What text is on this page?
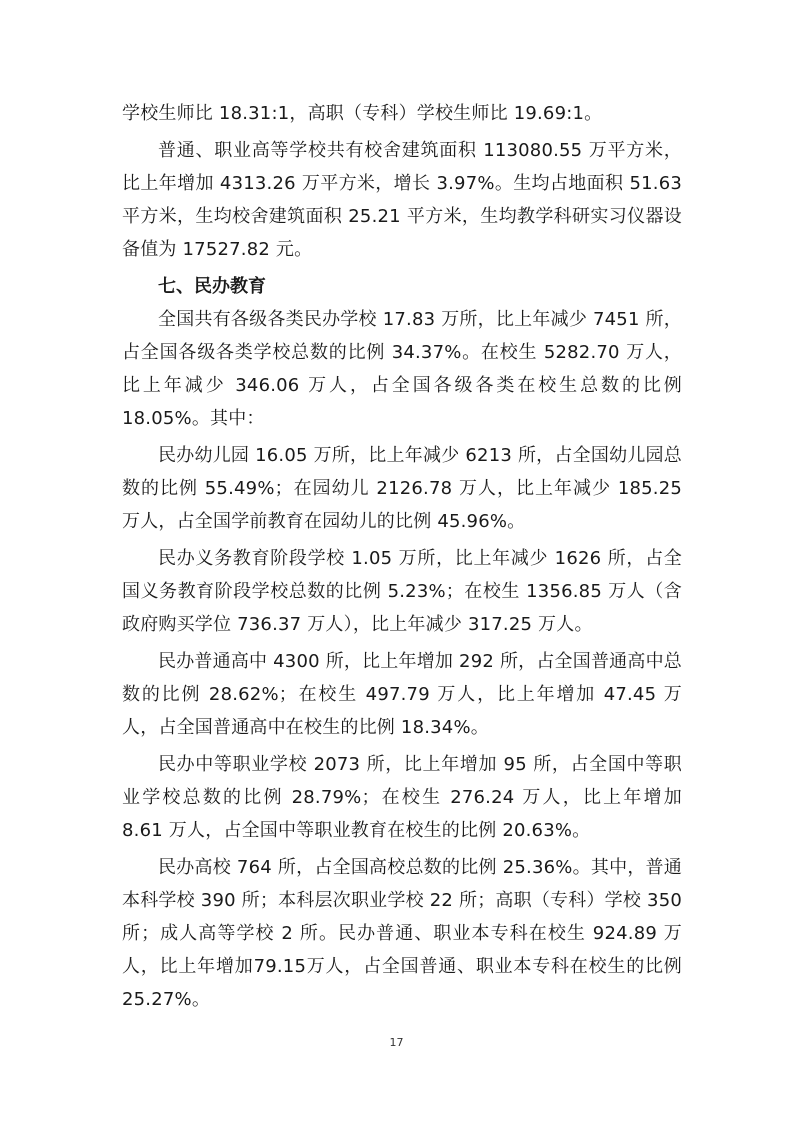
学校生师比 18.31:1，高职（专科）学校生师比 19.69:1。

普通、职业高等学校共有校舍建筑面积 113080.55 万平方米，比上年增加 4313.26 万平方米，增长 3.97%。生均占地面积 51.63 平方米，生均校舍建筑面积 25.21 平方米，生均教学科研实习仪器设备值为 17527.82 元。

七、民办教育

全国共有各级各类民办学校 17.83 万所，比上年减少 7451 所，占全国各级各类学校总数的比例 34.37%。在校生 5282.70 万人，比上年减少 346.06 万人，占全国各级各类在校生总数的比例 18.05%。其中：

民办幼儿园 16.05 万所，比上年减少 6213 所，占全国幼儿园总数的比例 55.49%；在园幼儿 2126.78 万人，比上年减少 185.25 万人，占全国学前教育在园幼儿的比例 45.96%。

民办义务教育阶段学校 1.05 万所，比上年减少 1626 所，占全国义务教育阶段学校总数的比例 5.23%；在校生 1356.85 万人（含政府购买学位 736.37 万人），比上年减少 317.25 万人。

民办普通高中 4300 所，比上年增加 292 所，占全国普通高中总数的比例 28.62%；在校生 497.79 万人，比上年增加 47.45 万人，占全国普通高中在校生的比例 18.34%。

民办中等职业学校 2073 所，比上年增加 95 所，占全国中等职业学校总数的比例 28.79%；在校生 276.24 万人，比上年增加 8.61 万人，占全国中等职业教育在校生的比例 20.63%。

民办高校 764 所，占全国高校总数的比例 25.36%。其中，普通本科学校 390 所；本科层次职业学校 22 所；高职（专科）学校 350 所；成人高等学校 2 所。民办普通、职业本专科在校生 924.89 万人，比上年增加79.15万人，占全国普通、职业本专科在校生的比例25.27%。

17
